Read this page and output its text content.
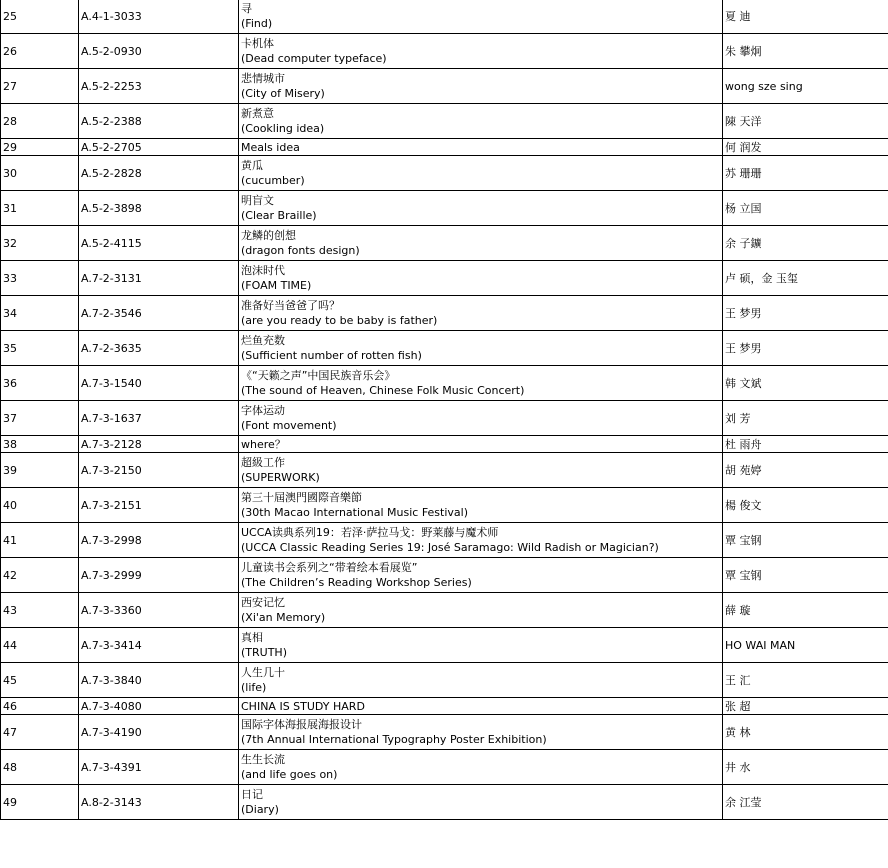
25	A.4-1-3033	寻
(Find)	夏 迪
26	A.5-2-0930	卡机体
(Dead computer typeface)	朱 攀炯
27	A.5-2-2253	悲情城市
(City of Misery)	wong sze sing
28	A.5-2-2388	新煮意
(Cookling idea)	陳 天洋
29	A.5-2-2705	Meals idea	何 润发
30	A.5-2-2828	黄瓜
(cucumber)	苏 珊珊
31	A.5-2-3898	明盲文
(Clear Braille)	杨 立国
32	A.5-2-4115	龙鳞的创想
(dragon fonts design)	余 子鑛
33	A.7-2-3131	泡沫时代
(FOAM TIME)	卢 硕，金 玉玺
34	A.7-2-3546	准备好当爸爸了吗？
(are you ready to be baby is father)	王 梦男
35	A.7-2-3635	烂鱼充数
(Sufficient number of rotten fish)	王 梦男
36	A.7-3-1540	《“天籁之声”中国民族音乐会》
(The sound of Heaven, Chinese Folk Music Concert)	韩 文斌
37	A.7-3-1637	字体运动
(Font movement)	刘 芳
38	A.7-3-2128	where？	杜 雨舟
39	A.7-3-2150	超級工作
(SUPERWORK)	胡 苑婷
40	A.7-3-2151	第三十屆澳門國際音樂節
(30th Macao International Music Festival)	楊 俊文
41	A.7-3-2998	UCCA读典系列19：若泽·萨拉马戈：野莱藤与魔术师
(UCCA Classic Reading Series 19: José Saramago: Wild Radish or Magician?)	覃 宝钢
42	A.7-3-2999	儿童读书会系列之“带着绘本看展览”
(The Children’s Reading Workshop Series)	覃 宝钢
43	A.7-3-3360	西安记忆
(Xi'an Memory)	薛 璇
44	A.7-3-3414	真相
(TRUTH)	HO WAI MAN
45	A.7-3-3840	人生几十
(life)	王 汇
46	A.7-3-4080	CHINA IS STUDY HARD	张 超
47	A.7-3-4190	国际字体海报展海报设计
(7th Annual International Typography Poster Exhibition)	黄 林
48	A.7-3-4391	生生长流
(and life goes on)	井 水
49	A.8-2-3143	日记
(Diary)	余 江莹
